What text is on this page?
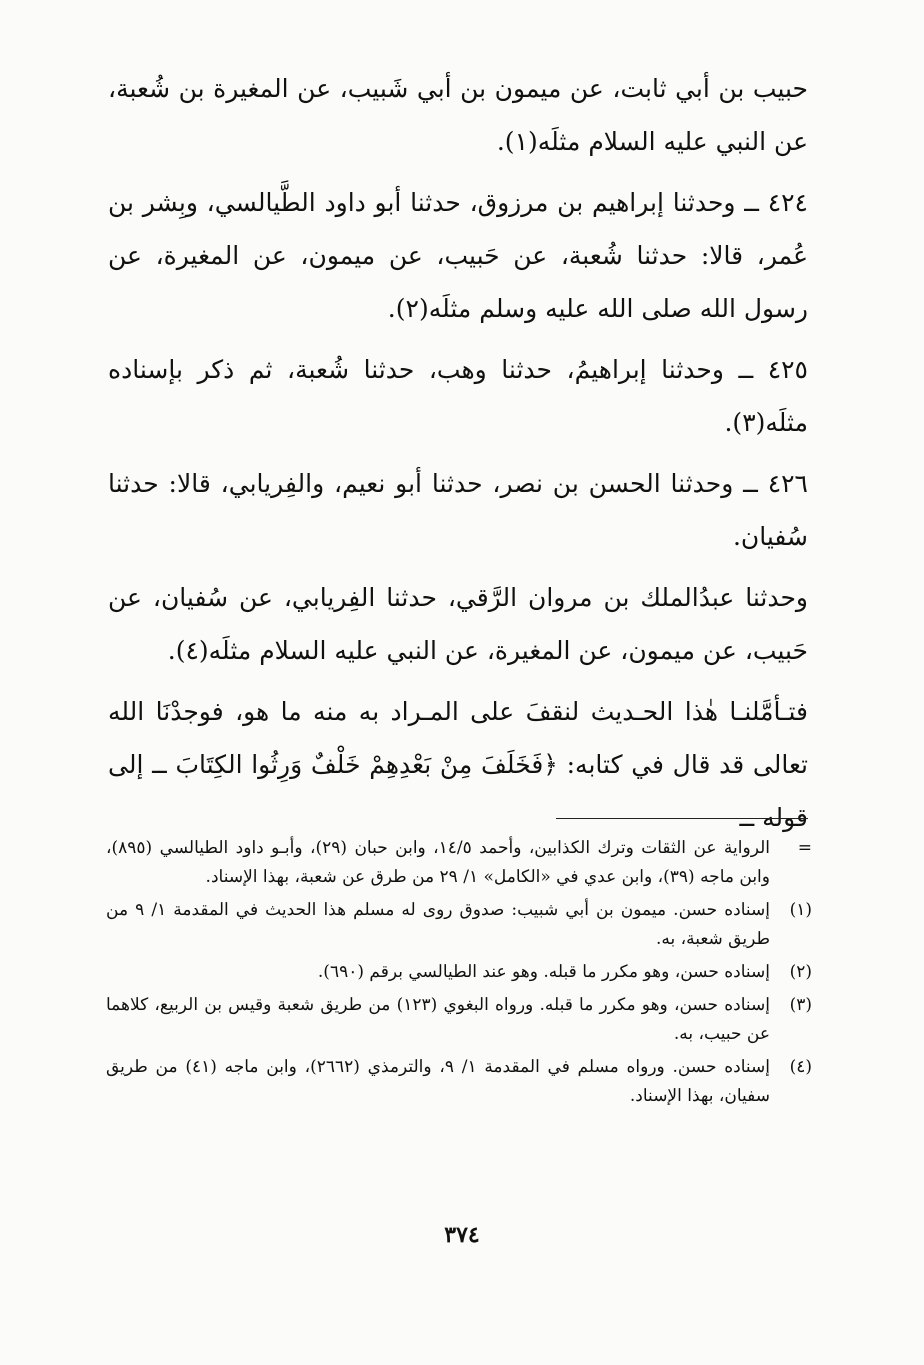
حبيب بن أبي ثابت، عن ميمون بن أبي شَبيب، عن المغيرة بن شُعبة، عن النبي عليه السلام مثلَه(١).

٤٢٤ ــ وحدثنا إبراهيم بن مرزوق، حدثنا أبو داود الطَّيالسي، وبِشر بن عُمر، قالا: حدثنا شُعبة، عن حَبيب، عن ميمون، عن المغيرة، عن رسول الله صلى الله عليه وسلم مثلَه(٢).

٤٢٥ ــ وحدثنا إبراهيمُ، حدثنا وهب، حدثنا شُعبة، ثم ذكر بإسناده مثلَه(٣).

٤٢٦ ــ وحدثنا الحسن بن نصر، حدثنا أبو نعيم، والفِريابي، قالا: حدثنا سُفيان.

وحدثنا عبدُالملك بن مروان الرَّقي، حدثنا الفِريابي، عن سُفيان، عن حَبيب، عن ميمون، عن المغيرة، عن النبي عليه السلام مثلَه(٤).

فتـأمَّلنـا هٰذا الحـديث لنقفَ على المـراد به منه ما هو، فوجدْنَا الله تعالى قد قال في كتابه: ﴿فَخَلَفَ مِنْ بَعْدِهِمْ خَلْفٌ وَرِثُوا الكِتَابَ ــ إلى قوله ــ

=
الرواية عن الثقات وترك الكذابين، وأحمد ١٤/٥، وابن حبان (٢٩)، وأبـو داود الطيالسي (٨٩٥)، وابن ماجه (٣٩)، وابن عدي في «الكامل» ١/ ٢٩ من طرق عن شعبة، بهذا الإسناد.
(١)
إسناده حسن. ميمون بن أبي شبيب: صدوق روى له مسلم هذا الحديث في المقدمة ١/ ٩ من طريق شعبة، به.
(٢)
إسناده حسن، وهو مكرر ما قبله. وهو عند الطيالسي برقم (٦٩٠).
(٣)
إسناده حسن، وهو مكرر ما قبله. ورواه البغوي (١٢٣) من طريق شعبة وقيس بن الربيع، كلاهما عن حبيب، به.
(٤)
إسناده حسن. ورواه مسلم في المقدمة ١/ ٩، والترمذي (٢٦٦٢)، وابن ماجه (٤١) من طريق سفيان، بهذا الإسناد.
٣٧٤
